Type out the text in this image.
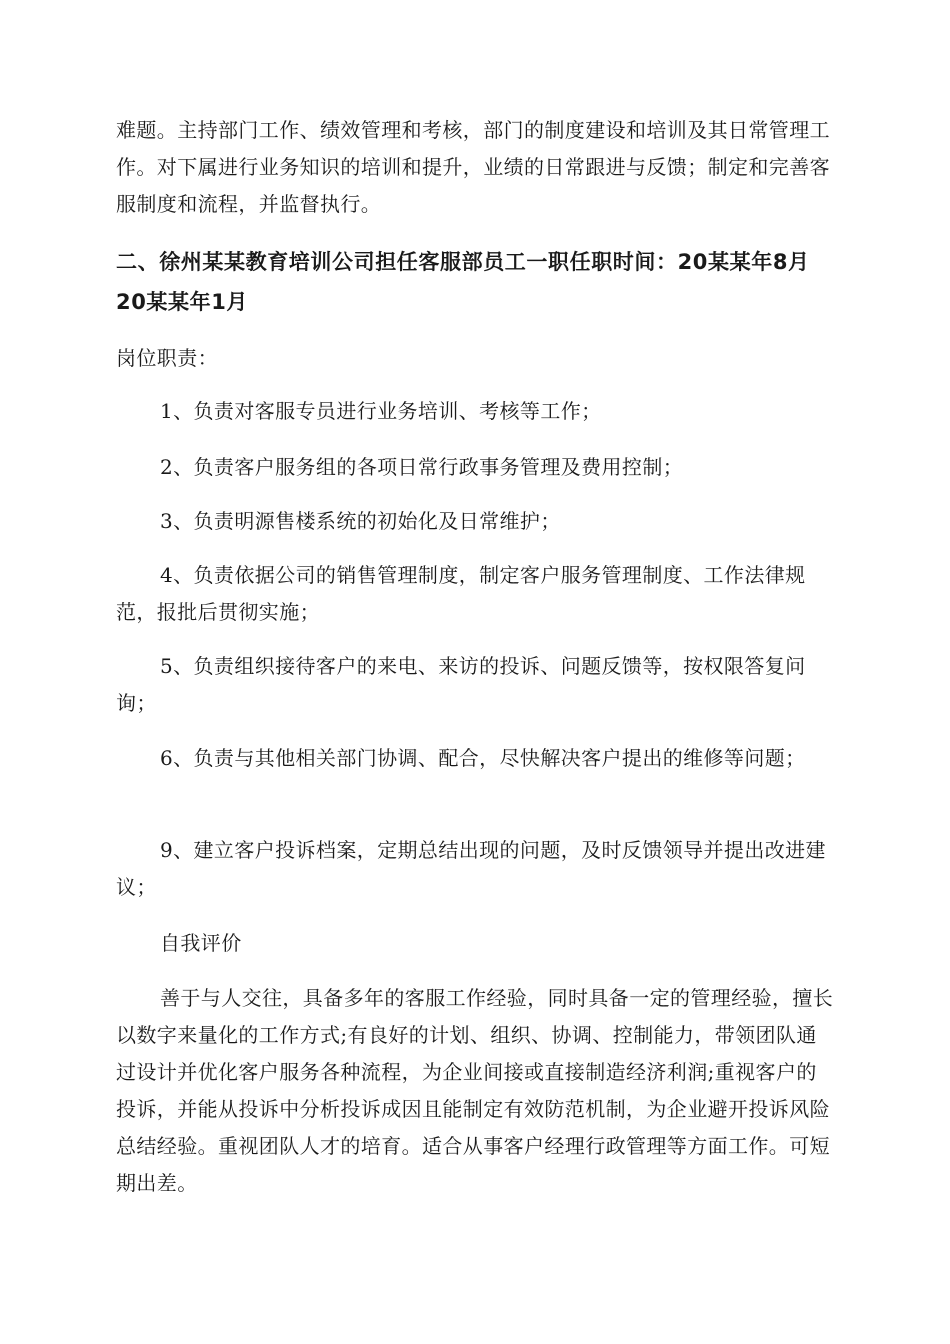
难题。主持部门工作、绩效管理和考核，部门的制度建设和培训及其日常管理工作。对下属进行业务知识的培训和提升，业绩的日常跟进与反馈；制定和完善客服制度和流程，并监督执行。

二、徐州某某教育培训公司担任客服部员工一职任职时间：20某某年8月20某某年1月

岗位职责：

1、负责对客服专员进行业务培训、考核等工作；

2、负责客户服务组的各项日常行政事务管理及费用控制；

3、负责明源售楼系统的初始化及日常维护；

4、负责依据公司的销售管理制度，制定客户服务管理制度、工作法律规范，报批后贯彻实施；

5、负责组织接待客户的来电、来访的投诉、问题反馈等，按权限答复问询；

6、负责与其他相关部门协调、配合，尽快解决客户提出的维修等问题；

9、建立客户投诉档案，定期总结出现的问题，及时反馈领导并提出改进建议；

自我评价

善于与人交往，具备多年的客服工作经验，同时具备一定的管理经验，擅长以数字来量化的工作方式;有良好的计划、组织、协调、控制能力，带领团队通过设计并优化客户服务各种流程，为企业间接或直接制造经济利润;重视客户的投诉，并能从投诉中分析投诉成因且能制定有效防范机制，为企业避开投诉风险总结经验。重视团队人才的培育。适合从事客户经理行政管理等方面工作。可短期出差。
